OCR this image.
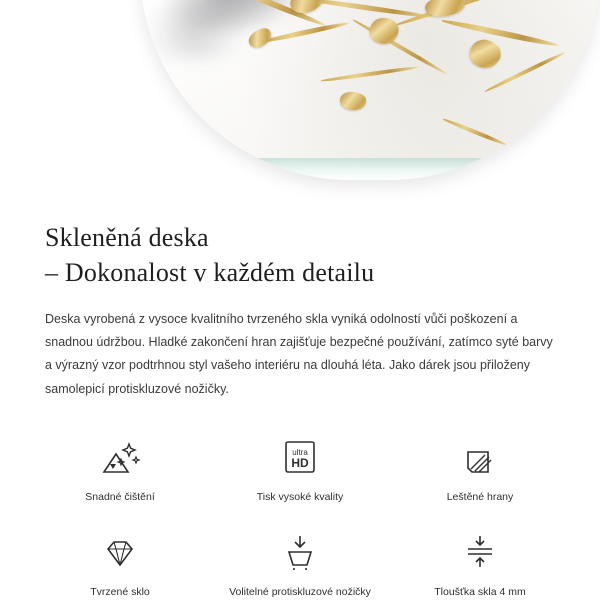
Skleněná deska
– Dokonalost v každém detailu

Deska vyrobená z vysoce kvalitního tvrzeného skla vyniká odolností vůči poškození a snadnou údržbou. Hladké zakončení hran zajišťuje bezpečné používání, zatímco syté barvy a výrazný vzor podtrhnou styl vašeho interiéru na dlouhá léta. Jako dárek jsou přiloženy samolepicí protiskluzové nožičky.

Snadné čištění
ultra
HD
Tisk vysoké kvality	Leštěné hrany
Tvrzené sklo	Volitelné protiskluzové nožičky	Tloušťka skla 4 mm
